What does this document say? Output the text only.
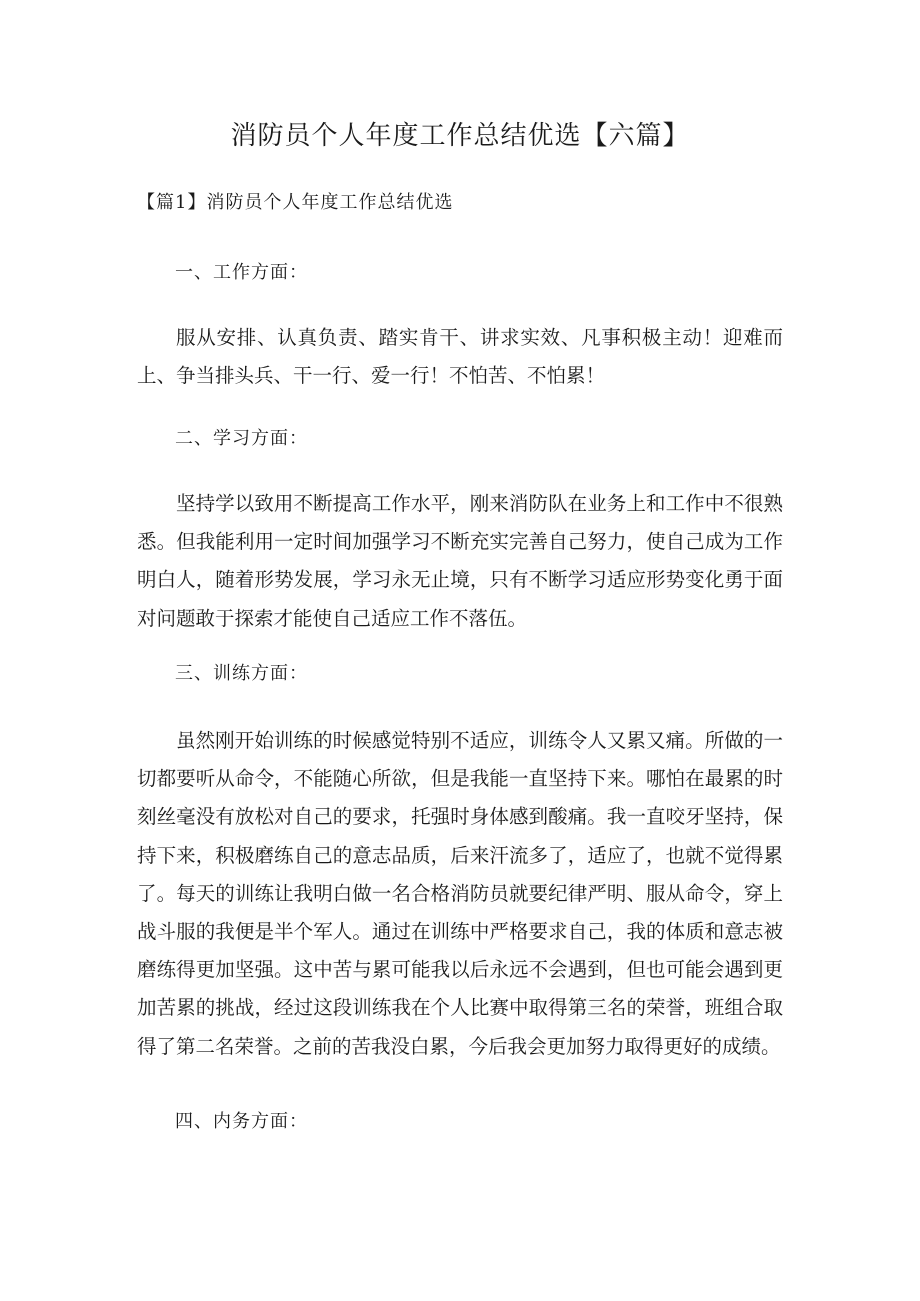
消防员个人年度工作总结优选【六篇】
【篇1】消防员个人年度工作总结优选
一、工作方面：

服从安排、认真负责、踏实肯干、讲求实效、凡事积极主动！迎难而上、争当排头兵、干一行、爱一行！不怕苦、不怕累！

二、学习方面：

坚持学以致用不断提高工作水平，刚来消防队在业务上和工作中不很熟悉。但我能利用一定时间加强学习不断充实完善自己努力，使自己成为工作明白人，随着形势发展，学习永无止境，只有不断学习适应形势变化勇于面对问题敢于探索才能使自己适应工作不落伍。

三、训练方面：

虽然刚开始训练的时候感觉特别不适应，训练令人又累又痛。所做的一切都要听从命令，不能随心所欲，但是我能一直坚持下来。哪怕在最累的时刻丝毫没有放松对自己的要求，托强时身体感到酸痛。我一直咬牙坚持，保持下来，积极磨练自己的意志品质，后来汗流多了，适应了，也就不觉得累了。每天的训练让我明白做一名合格消防员就要纪律严明、服从命令，穿上战斗服的我便是半个军人。通过在训练中严格要求自己，我的体质和意志被磨练得更加坚强。这中苦与累可能我以后永远不会遇到，但也可能会遇到更加苦累的挑战，经过这段训练我在个人比赛中取得第三名的荣誉，班组合取得了第二名荣誉。之前的苦我没白累，今后我会更加努力取得更好的成绩。

四、内务方面：
